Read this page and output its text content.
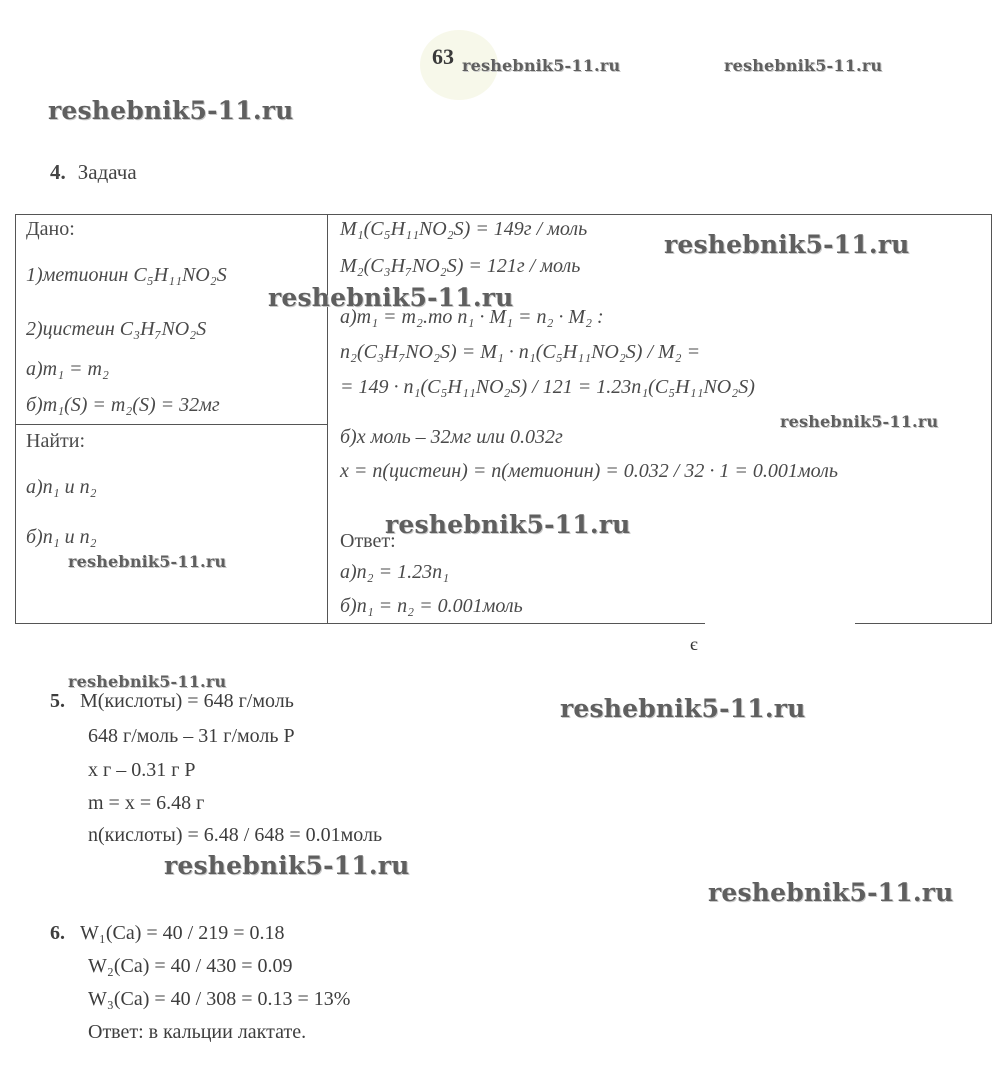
63
4. Задача
Дано:
1)метионин C₅H₁₁NO₂S
2)цистеин C₃H₇NO₂S
а)m₁ = m₂
б)m₁(S) = m₂(S) = 32мг
Найти:
а)n₁ и n₂
б)n₁ и n₂
M₁(C₅H₁₁NO₂S) = 149г / моль
M₂(C₃H₇NO₂S) = 121г / моль
а)m₁ = m₂.то n₁ · M₁ = n₂ · M₂ :
n₂(C₃H₇NO₂S) = M₁ · n₁(C₅H₁₁NO₂S) / M₂ =
= 149 · n₁(C₅H₁₁NO₂S) / 121 = 1.23n₁(C₅H₁₁NO₂S)
б)x моль – 32мг или 0.032г
x = n(цистеин) = n(метионин) = 0.032 / 32 · 1 = 0.001моль
Ответ:
а)n₂ = 1.23n₁
б)n₁ = n₂ = 0.001моль
є
5. M(кислоты) = 648 г/моль
648 г/моль – 31 г/моль P
x г – 0.31 г P
m = x = 6.48 г
n(кислоты) = 6.48 / 648 = 0.01моль
6. W₁(Ca) = 40 / 219 = 0.18
W₂(Ca) = 40 / 430 = 0.09
W₃(Ca) = 40 / 308 = 0.13 = 13%
Ответ: в кальции лактате.
reshebnik5-11.ru	reshebnik5-11.ru
reshebnik5-11.ru
reshebnik5-11.ru
reshebnik5-11.ru
reshebnik5-11.ru
reshebnik5-11.ru
reshebnik5-11.ru
reshebnik5-11.ru
reshebnik5-11.ru
reshebnik5-11.ru
reshebnik5-11.ru
